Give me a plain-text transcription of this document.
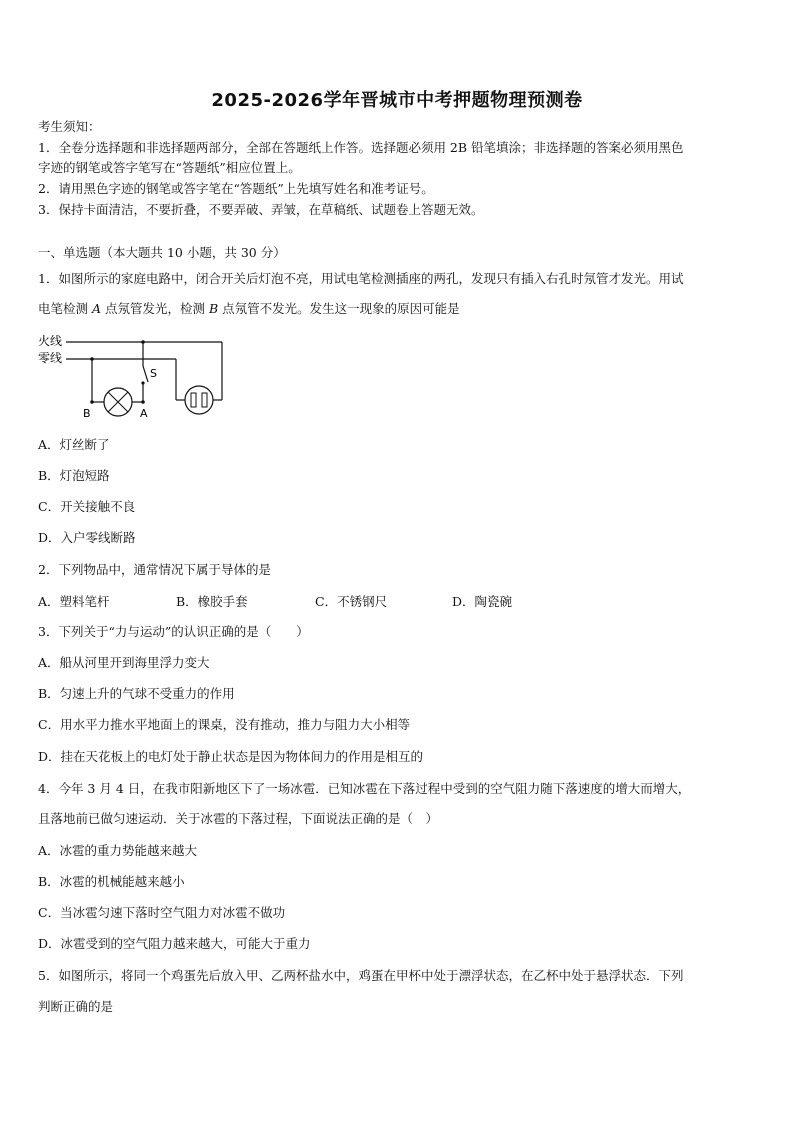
2025-2026学年晋城市中考押题物理预测卷
考生须知：
1．全卷分选择题和非选择题两部分，全部在答题纸上作答。选择题必须用 2B 铅笔填涂；非选择题的答案必须用黑色
字迹的钢笔或答字笔写在“答题纸”相应位置上。
2．请用黑色字迹的钢笔或答字笔在“答题纸”上先填写姓名和准考证号。
3．保持卡面清洁，不要折叠，不要弄破、弄皱，在草稿纸、试题卷上答题无效。
一、单选题（本大题共 10 小题，共 30 分）
1．如图所示的家庭电路中，闭合开关后灯泡不亮，用试电笔检测插座的两孔，发现只有插入右孔时氖管才发光。用试
电笔检测 A 点氖管发光，检测 B 点氖管不发光。发生这一现象的原因可能是
火线
零线
S
B	A
A．灯丝断了
B．灯泡短路
C．开关接触不良
D．入户零线断路
2．下列物品中，通常情况下属于导体的是
A．塑料笔杆	B．橡胶手套	C．不锈钢尺	D．陶瓷碗
3．下列关于“力与运动”的认识正确的是（　　）
A．船从河里开到海里浮力变大
B．匀速上升的气球不受重力的作用
C．用水平力推水平地面上的课桌，没有推动，推力与阻力大小相等
D．挂在天花板上的电灯处于静止状态是因为物体间力的作用是相互的
4．今年 3 月 4 日，在我市阳新地区下了一场冰雹．已知冰雹在下落过程中受到的空气阻力随下落速度的增大而增大，
且落地前已做匀速运动．关于冰雹的下落过程，下面说法正确的是（　）
A．冰雹的重力势能越来越大
B．冰雹的机械能越来越小
C．当冰雹匀速下落时空气阻力对冰雹不做功
D．冰雹受到的空气阻力越来越大，可能大于重力
5．如图所示，将同一个鸡蛋先后放入甲、乙两杯盐水中，鸡蛋在甲杯中处于漂浮状态，在乙杯中处于悬浮状态．下列
判断正确的是
